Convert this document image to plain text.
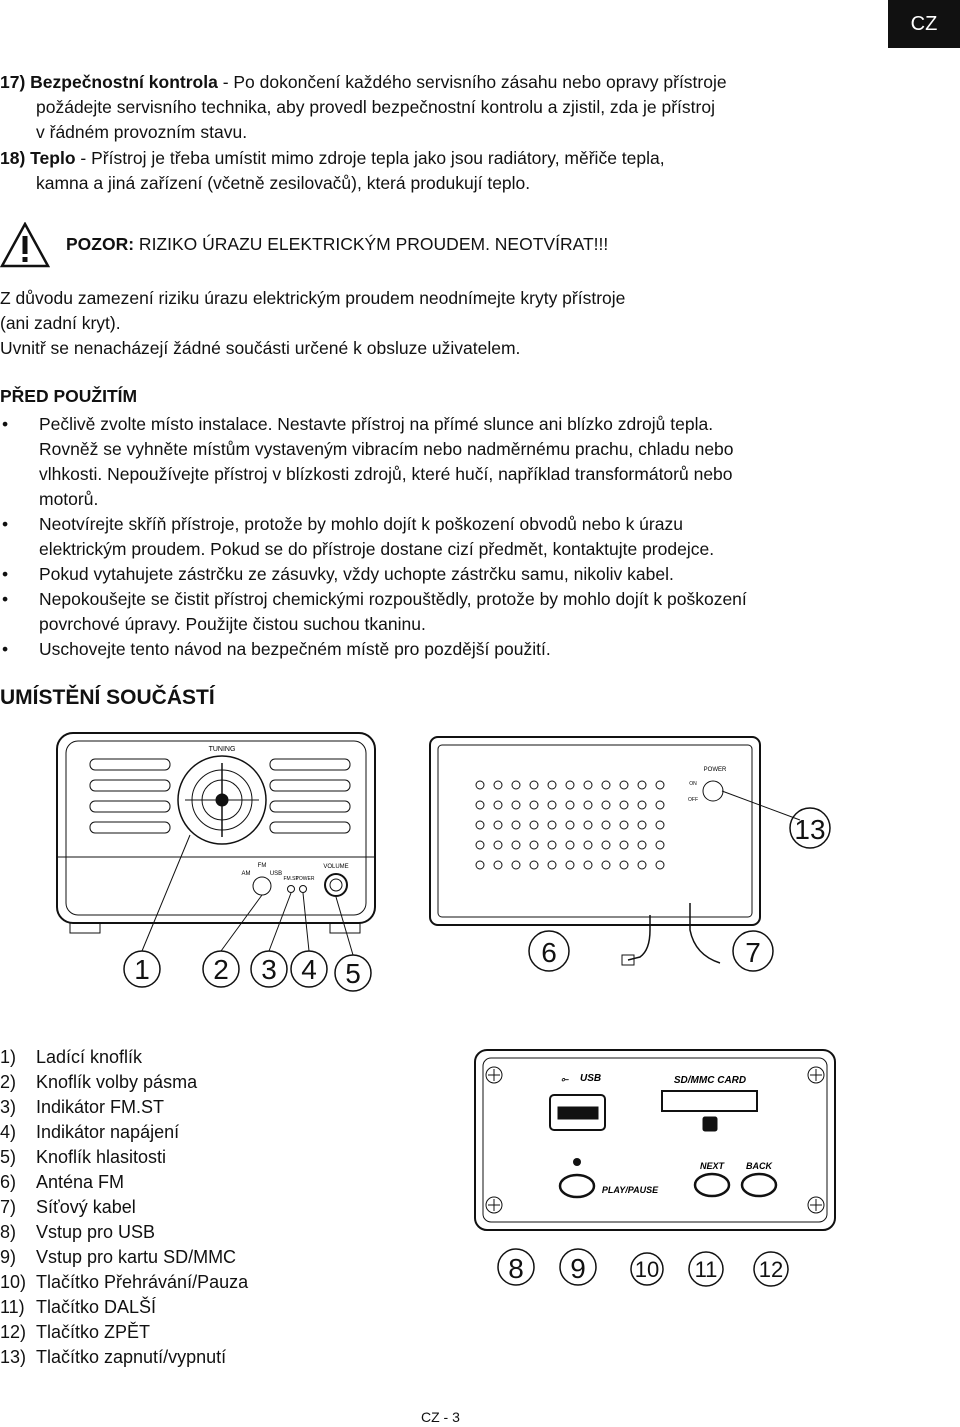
CZ
17) Bezpečnostní kontrola - Po dokončení každého servisního zásahu nebo opravy přístroje
požádejte servisního technika, aby provedl bezpečnostní kontrolu a zjistil, zda je přístroj
v řádném provozním stavu.
18) Teplo - Přístroj je třeba umístit mimo zdroje tepla jako jsou radiátory, měřiče tepla,
kamna a jiná zařízení (včetně zesilovačů), která produkují teplo.
POZOR: RIZIKO ÚRAZU ELEKTRICKÝM PROUDEM. NEOTVÍRAT!!!
Z důvodu zamezení riziku úrazu elektrickým proudem neodnímejte kryty přístroje
(ani zadní kryt).
Uvnitř se nenacházejí žádné součásti určené k obsluze uživatelem.
PŘED POUŽITÍM
• Pečlivě zvolte místo instalace. Nestavte přístroj na přímé slunce ani blízko zdrojů tepla.
Rovněž se vyhněte místům vystaveným vibracím nebo nadměrnému prachu, chladu nebo
vlhkosti. Nepoužívejte přístroj v blízkosti zdrojů, které hučí, například transformátorů nebo
motorů.
• Neotvírejte skříň přístroje, protože by mohlo dojít k poškození obvodů nebo k úrazu
elektrickým proudem. Pokud se do přístroje dostane cizí předmět, kontaktujte prodejce.
• Pokud vytahujete zástrčku ze zásuvky, vždy uchopte zástrčku samu, nikoliv kabel.
• Nepokoušejte se čistit přístroj chemickými rozpouštědly, protože by mohlo dojít k poškození
povrchové úpravy. Použijte čistou suchou tkaninu.
• Uschovejte tento návod na bezpečném místě pro pozdější použití.
UMÍSTĚNÍ SOUČÁSTÍ
TUNING
FM
AM	USB
FM.ST
POWER
VOLUME
POWER
ON
OFF
1 2 3 4 5
6	7
13
1) Ladící knoflík
2) Knoflík volby pásma
3) Indikátor FM.ST
4) Indikátor napájení
5) Knoflík hlasitosti
6) Anténa FM
7) Síťový kabel
8) Vstup pro USB
9) Vstup pro kartu SD/MMC
10) Tlačítko Přehrávání/Pauza
11) Tlačítko DALŠÍ
12) Tlačítko ZPĚT
13) Tlačítko zapnutí/vypnutí
⟜ USB	SD/MMC CARD
PLAY/PAUSE
NEXT BACK
8 9 10 11 12
CZ - 3
